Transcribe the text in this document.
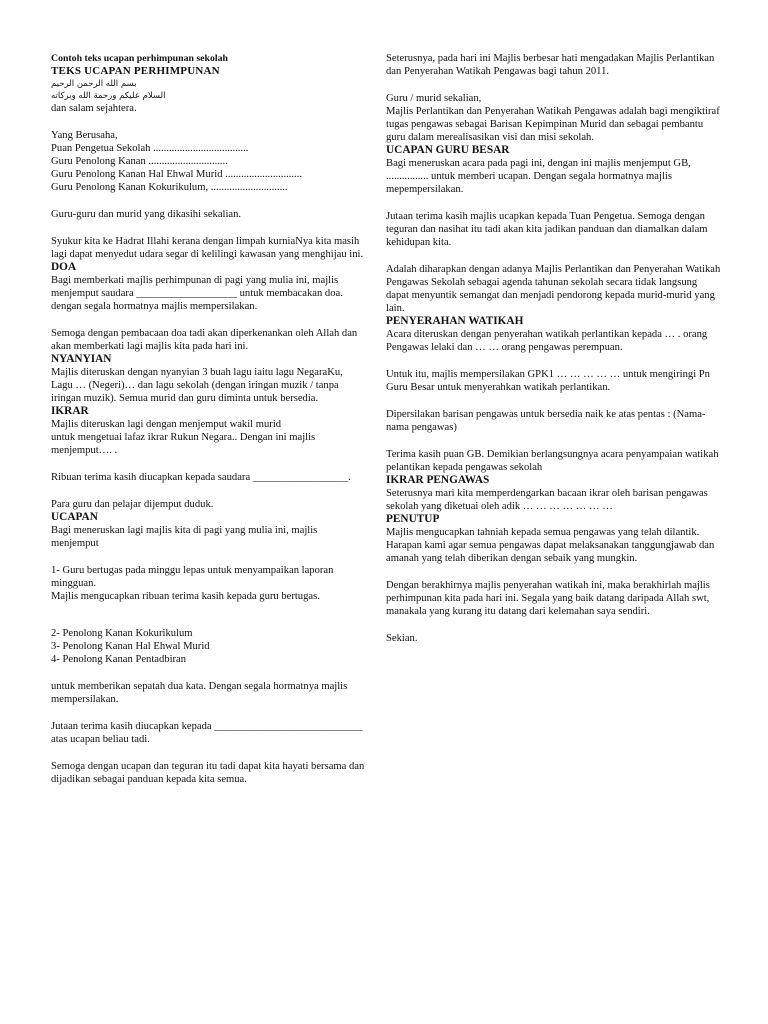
Contoh teks ucapan perhimpunan sekolah

TEKS UCAPAN PERHIMPUNAN

بسم الله الرحمن الرحيم

السلام عليكم ورحمة الله وبركاته

dan salam sejahtera.

Yang Berusaha,
Puan Pengetua Sekolah ....................................
Guru Penolong Kanan ..............................
Guru Penolong Kanan Hal Ehwal Murid .............................
Guru Penolong Kanan Kokurikulum, .............................

Guru-guru dan murid yang dikasihi sekalian.

Syukur kita ke Hadrat Illahi kerana dengan limpah kurniaNya kita masih lagi dapat menyedut udara segar di kelilingi kawasan yang menghijau ini.

DOA

Bagi memberkati majlis perhimpunan di pagi yang mulia ini, majlis menjemput saudara ___________________ untuk membacakan doa. dengan segala hormatnya majlis mempersilakan.

Semoga dengan pembacaan doa tadi akan diperkenankan oleh Allah dan akan memberkati lagi majlis kita pada hari ini.

NYANYIAN

Majlis diteruskan dengan nyanyian 3 buah lagu iaitu lagu NegaraKu, Lagu … (Negeri)… dan lagu sekolah (dengan iringan muzik / tanpa iringan muzik). Semua murid dan guru diminta untuk bersedia.

IKRAR

Majlis diteruskan lagi dengan menjemput wakil murid
untuk mengetuai lafaz ikrar Rukun Negara.. Dengan ini majlis menjemput…. .

Ribuan terima kasih diucapkan kepada saudara __________________.

Para guru dan pelajar dijemput duduk.

UCAPAN

Bagi meneruskan lagi majlis kita di pagi yang mulia ini, majlis menjemput

1- Guru bertugas pada minggu lepas untuk menyampaikan laporan mingguan.
Majlis mengucapkan ribuan terima kasih kepada guru bertugas.

2- Penolong Kanan Kokurikulum
3- Penolong Kanan Hal Ehwal Murid
4- Penolong Kanan Pentadbiran

untuk memberikan sepatah dua kata. Dengan segala hormatnya majlis mempersilakan.

Jutaan terima kasih diucapkan kepada ____________________________
atas ucapan beliau tadi.

Semoga dengan ucapan dan teguran itu tadi dapat kita hayati bersama dan dijadikan sebagai panduan kepada kita semua.

Seterusnya, pada hari ini Majlis berbesar hati mengadakan Majlis Perlantikan dan Penyerahan Watikah Pengawas bagi tahun 2011.

Guru / murid sekalian,
Majlis Perlantikan dan Penyerahan Watikah Pengawas adalah bagi mengiktiraf tugas pengawas sebagai Barisan Kepimpinan Murid dan sebagai pembantu guru dalam merealisasikan visi dan misi sekolah.

UCAPAN GURU BESAR

Bagi meneruskan acara pada pagi ini, dengan ini majlis menjemput GB, ................ untuk memberi ucapan. Dengan segala hormatnya majlis mepempersilakan.

Jutaan terima kasih majlis ucapkan kepada Tuan Pengetua. Semoga dengan teguran dan nasihat itu tadi akan kita jadikan panduan dan diamalkan dalam kehidupan kita.

Adalah diharapkan dengan adanya Majlis Perlantikan dan Penyerahan Watikah Pengawas Sekolah sebagai agenda tahunan sekolah secara tidak langsung dapat menyuntik semangat dan menjadi pendorong kepada murid-murid yang lain.

PENYERAHAN WATIKAH

Acara diteruskan dengan penyerahan watikah perlantikan kepada … . orang Pengawas lelaki dan … … orang pengawas perempuan.

Untuk itu, majlis mempersilakan GPK1 … … … … … untuk mengiringi Pn Guru Besar untuk menyerahkan watikah perlantikan.

Dipersilakan barisan pengawas untuk bersedia naik ke atas pentas : (Nama-nama pengawas)

Terima kasih puan GB. Demikian berlangsungnya acara penyampaian watikah pelantikan kepada pengawas sekolah

IKRAR PENGAWAS

Seterusnya mari kita memperdengarkan bacaan ikrar oleh barisan pengawas sekolah yang diketuai oleh adik … … … … … … …

PENUTUP

Majlis mengucapkan tahniah kepada semua pengawas yang telah dilantik. Harapan kami agar semua pengawas dapat melaksanakan tanggungjawab dan amanah yang telah diberikan dengan sebaik yang mungkin.

Dengan berakhirnya majlis penyerahan watikah ini, maka berakhirlah majlis perhimpunan kita pada hari ini. Segala yang baik datang daripada Allah swt, manakala yang kurang itu datang dari kelemahan saya sendiri.

Sekian.
